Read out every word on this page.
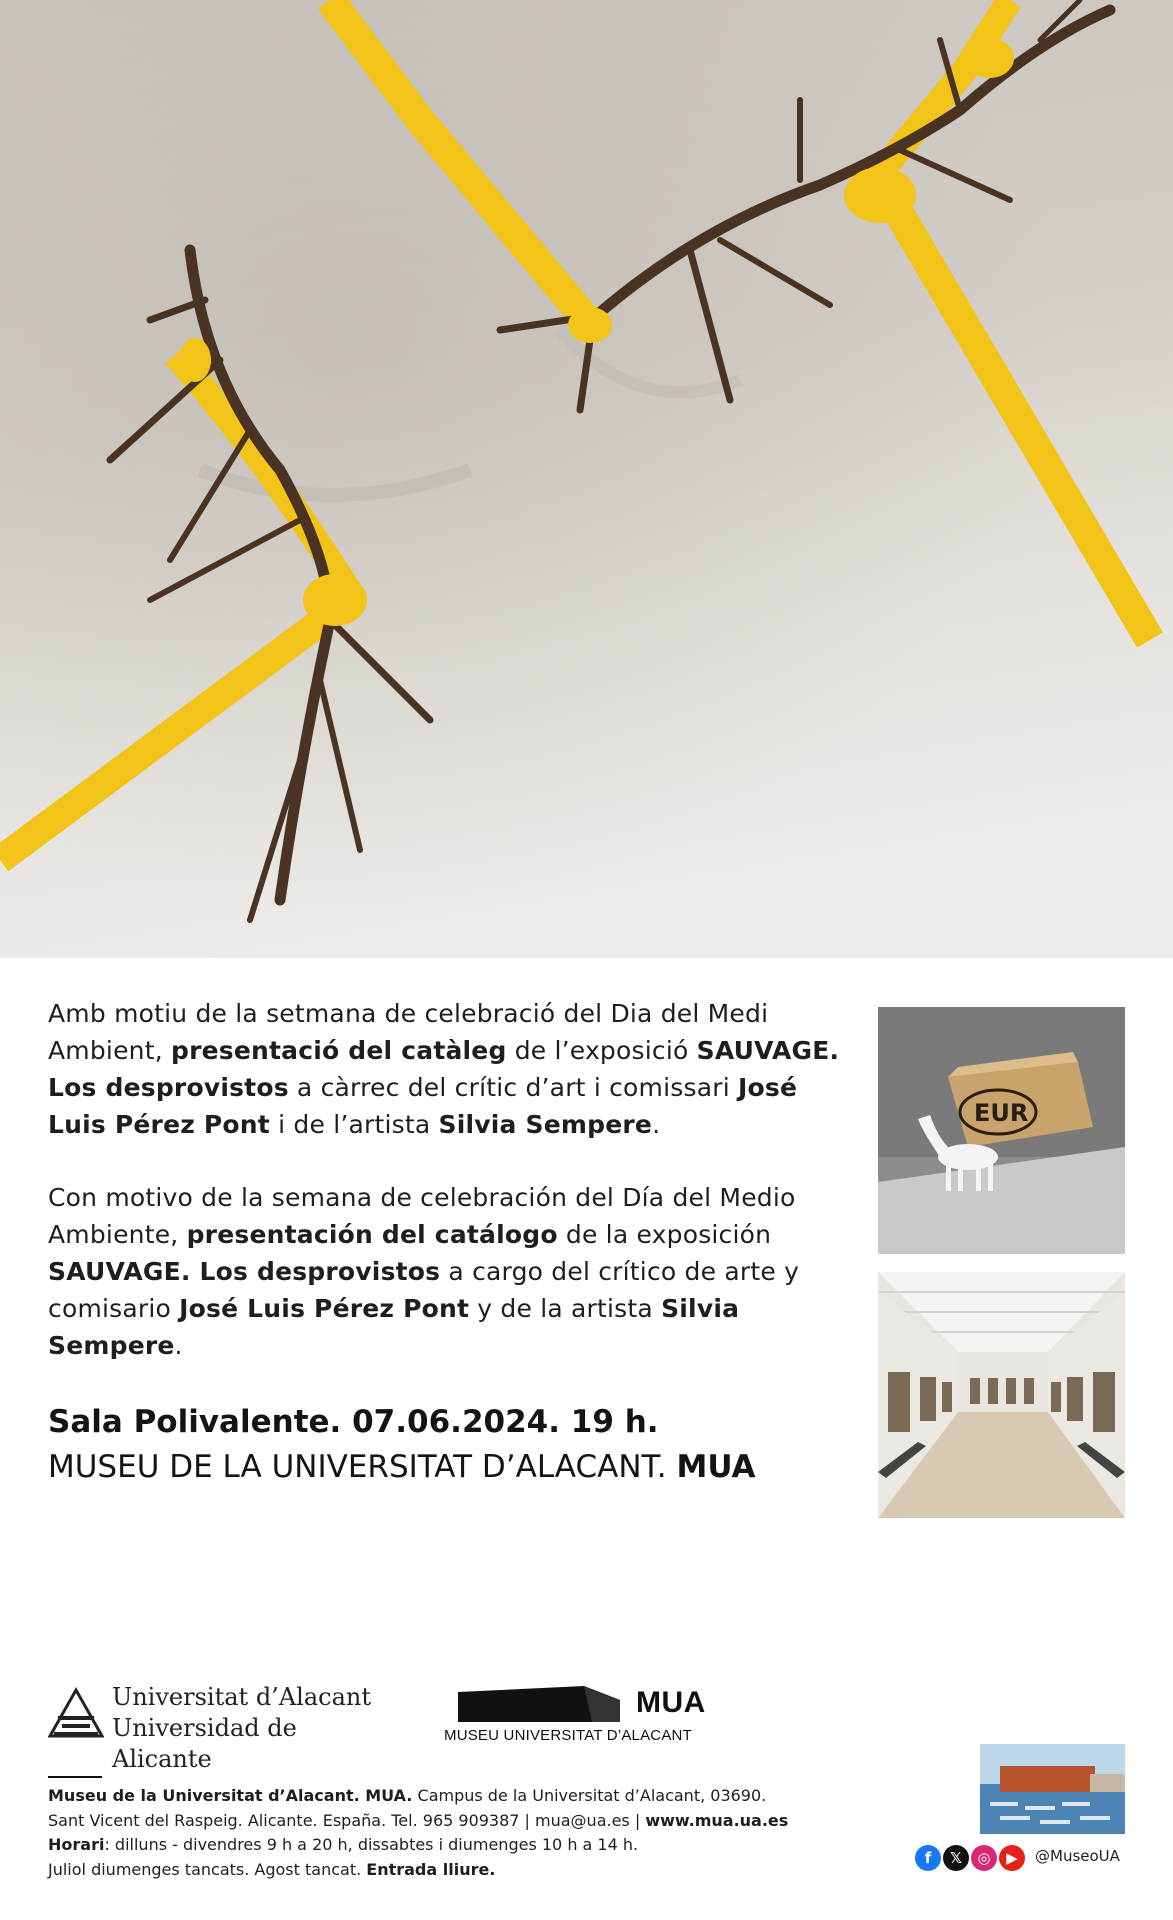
Amb motiu de la setmana de celebració del Dia del Medi Ambient, presentació del catàleg de l’exposició SAUVAGE. Los desprovistos a càrrec del crític d’art i comissari José Luis Pérez Pont i de l’artista Silvia Sempere.

Con motivo de la semana de celebración del Día del Medio Ambiente, presentación del catálogo de la exposición SAUVAGE. Los desprovistos a cargo del crítico de arte y comisario José Luis Pérez Pont y de la artista Silvia Sempere.

Sala Polivalente. 07.06.2024. 19 h.

MUSEU DE LA UNIVERSITAT D’ALACANT. MUA

EUR
Universitat d’Alacant
Universidad de Alicante
MUA
MUSEU UNIVERSITAT D’ALACANT
Museu de la Universitat d’Alacant. MUA. Campus de la Universitat d’Alacant, 03690.
Sant Vicent del Raspeig. Alicante. España. Tel. 965 909387 | mua@ua.es | www.mua.ua.es
Horari: dilluns - divendres 9 h a 20 h, dissabtes i diumenges 10 h a 14 h.
Juliol diumenges tancats. Agost tancat. Entrada lliure.
f	𝕏	◎	▶	@MuseoUA
